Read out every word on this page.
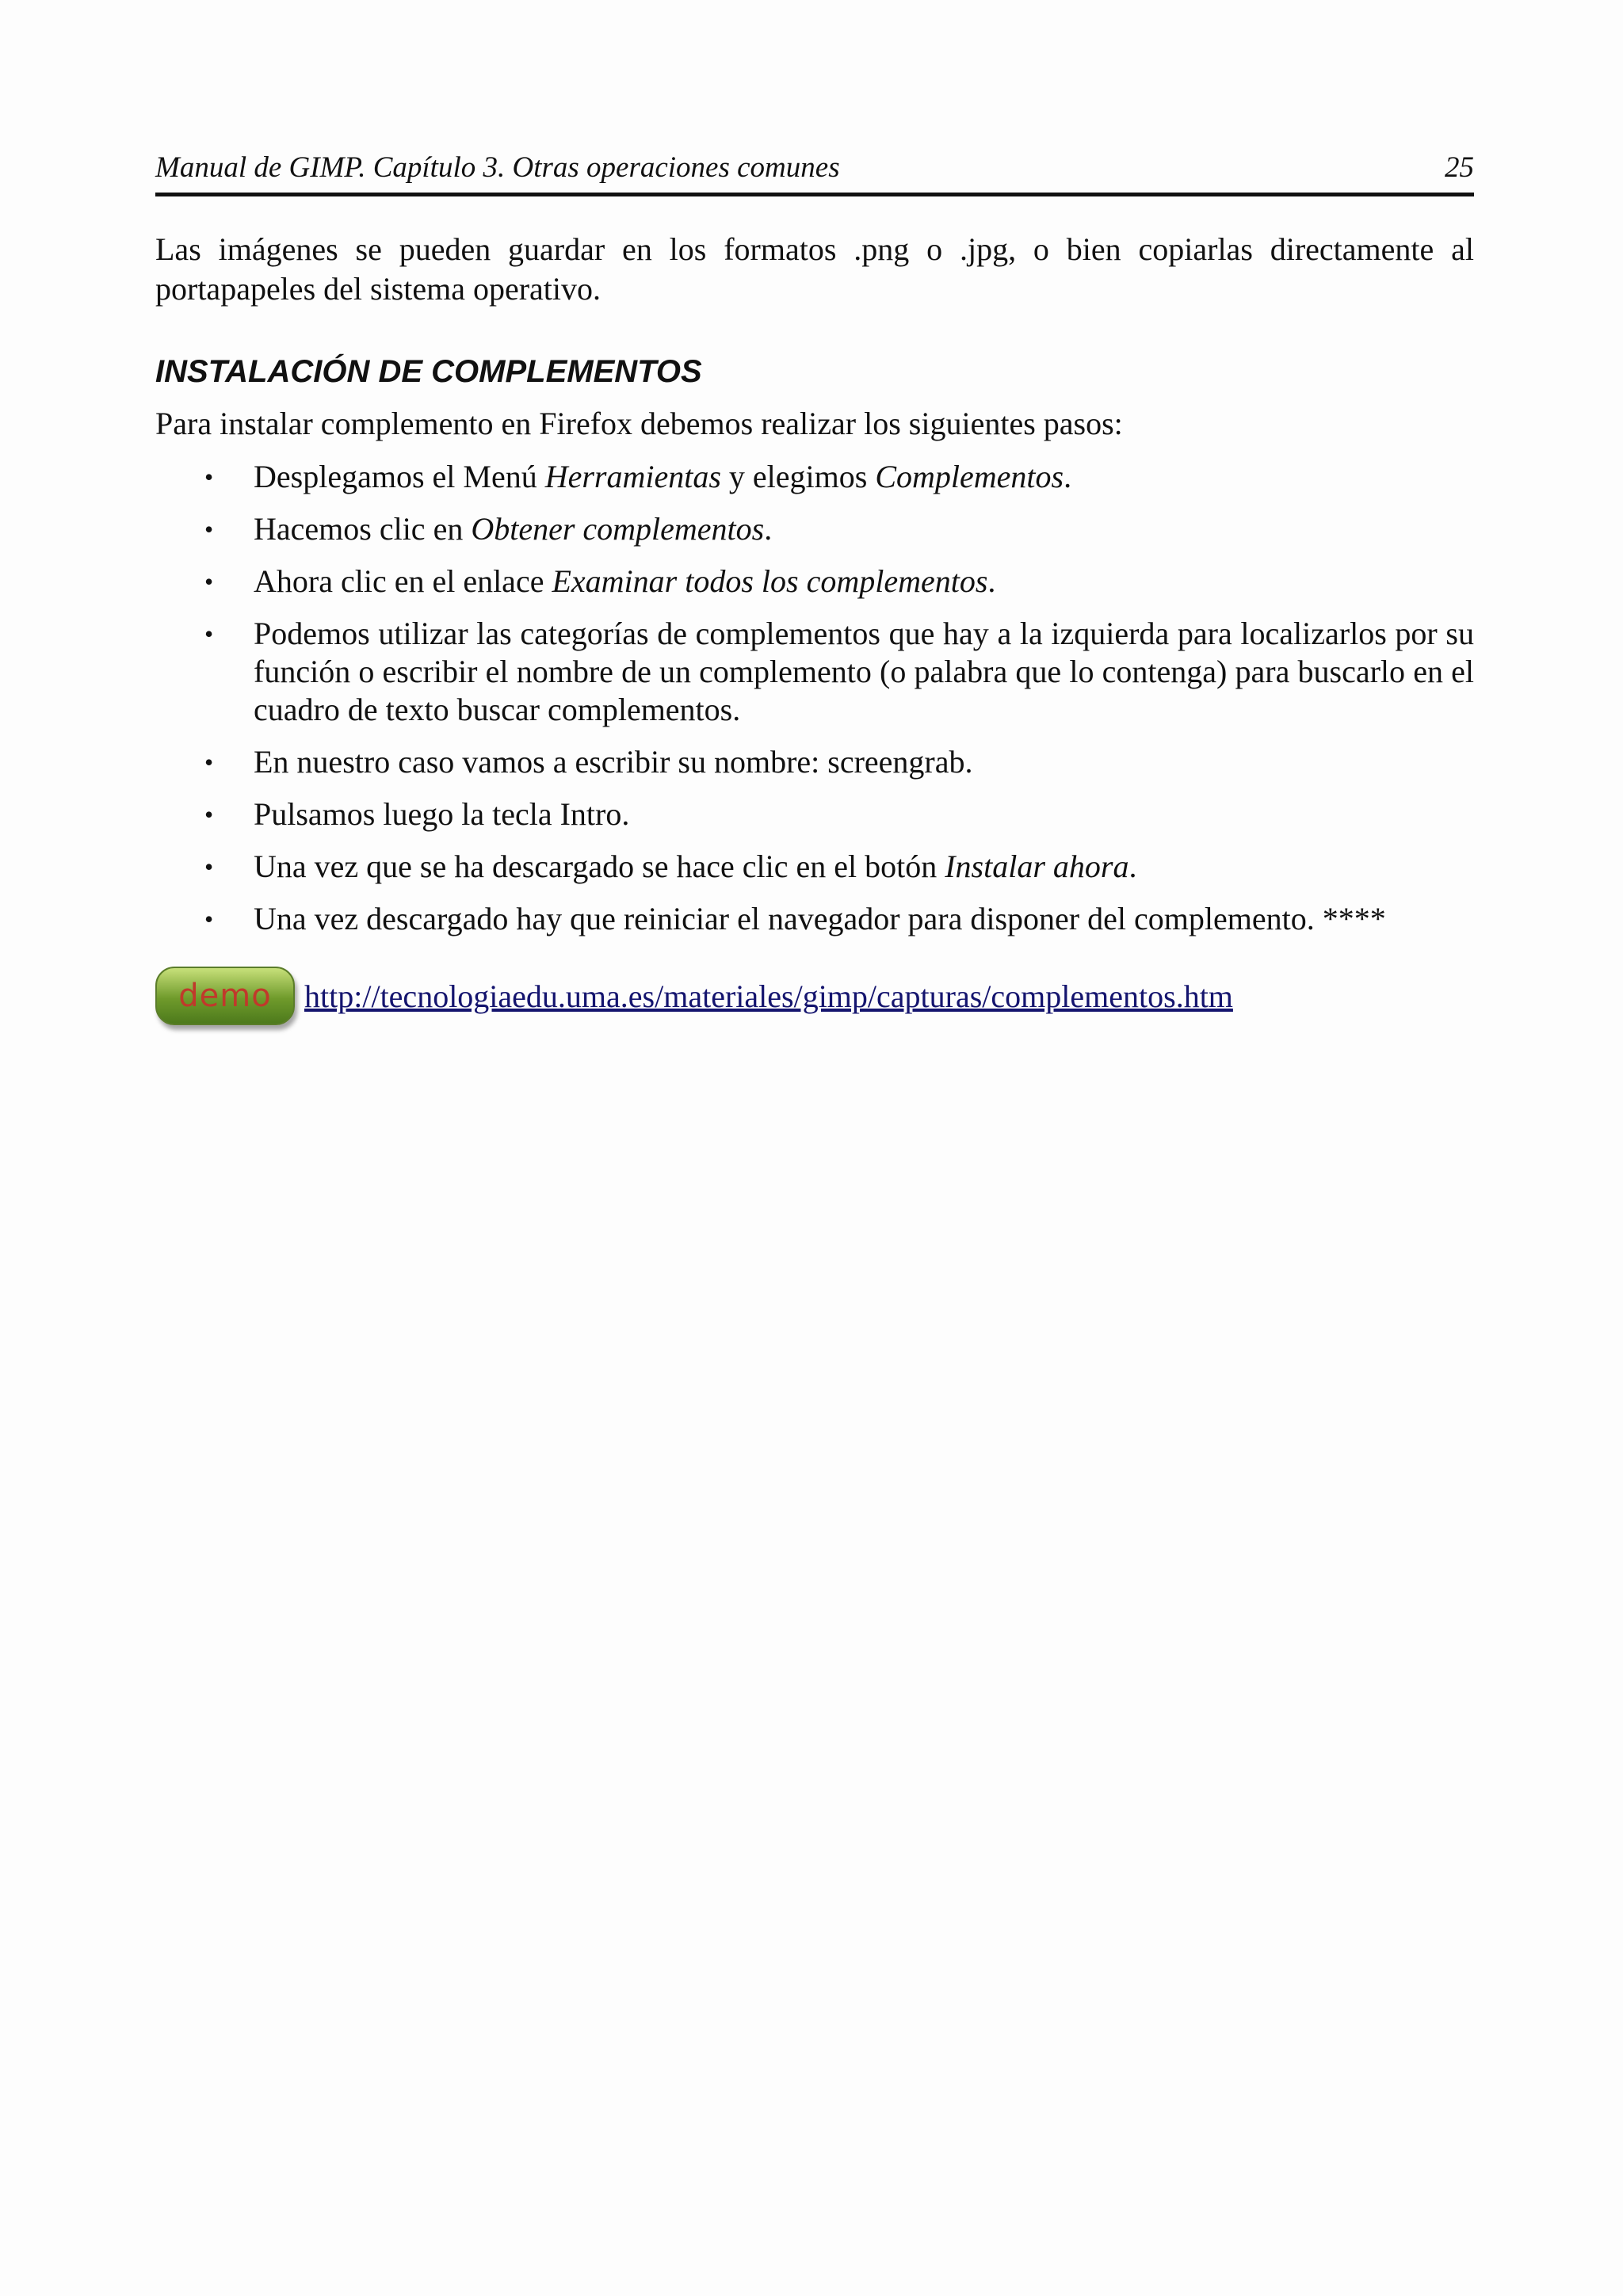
Manual de GIMP. Capítulo 3. Otras operaciones comunes	25
Las imágenes se pueden guardar en los formatos .png o .jpg, o bien copiarlas directamente al portapapeles del sistema operativo.
INSTALACIÓN DE COMPLEMENTOS
Para instalar complemento en Firefox debemos realizar los siguientes pasos:
• Desplegamos el Menú Herramientas y elegimos Complementos.
• Hacemos clic en Obtener complementos.
• Ahora clic en el enlace Examinar todos los complementos.
• Podemos utilizar las categorías de complementos que hay a la izquierda para localizarlos por su función o escribir el nombre de un complemento (o palabra que lo contenga) para buscarlo en el cuadro de texto buscar complementos.
• En nuestro caso vamos a escribir su nombre: screengrab.
• Pulsamos luego la tecla Intro.
• Una vez que se ha descargado se hace clic en el botón Instalar ahora.
• Una vez descargado hay que reiniciar el navegador para disponer del complemento. ****
demo http://tecnologiaedu.uma.es/materiales/gimp/capturas/complementos.htm
